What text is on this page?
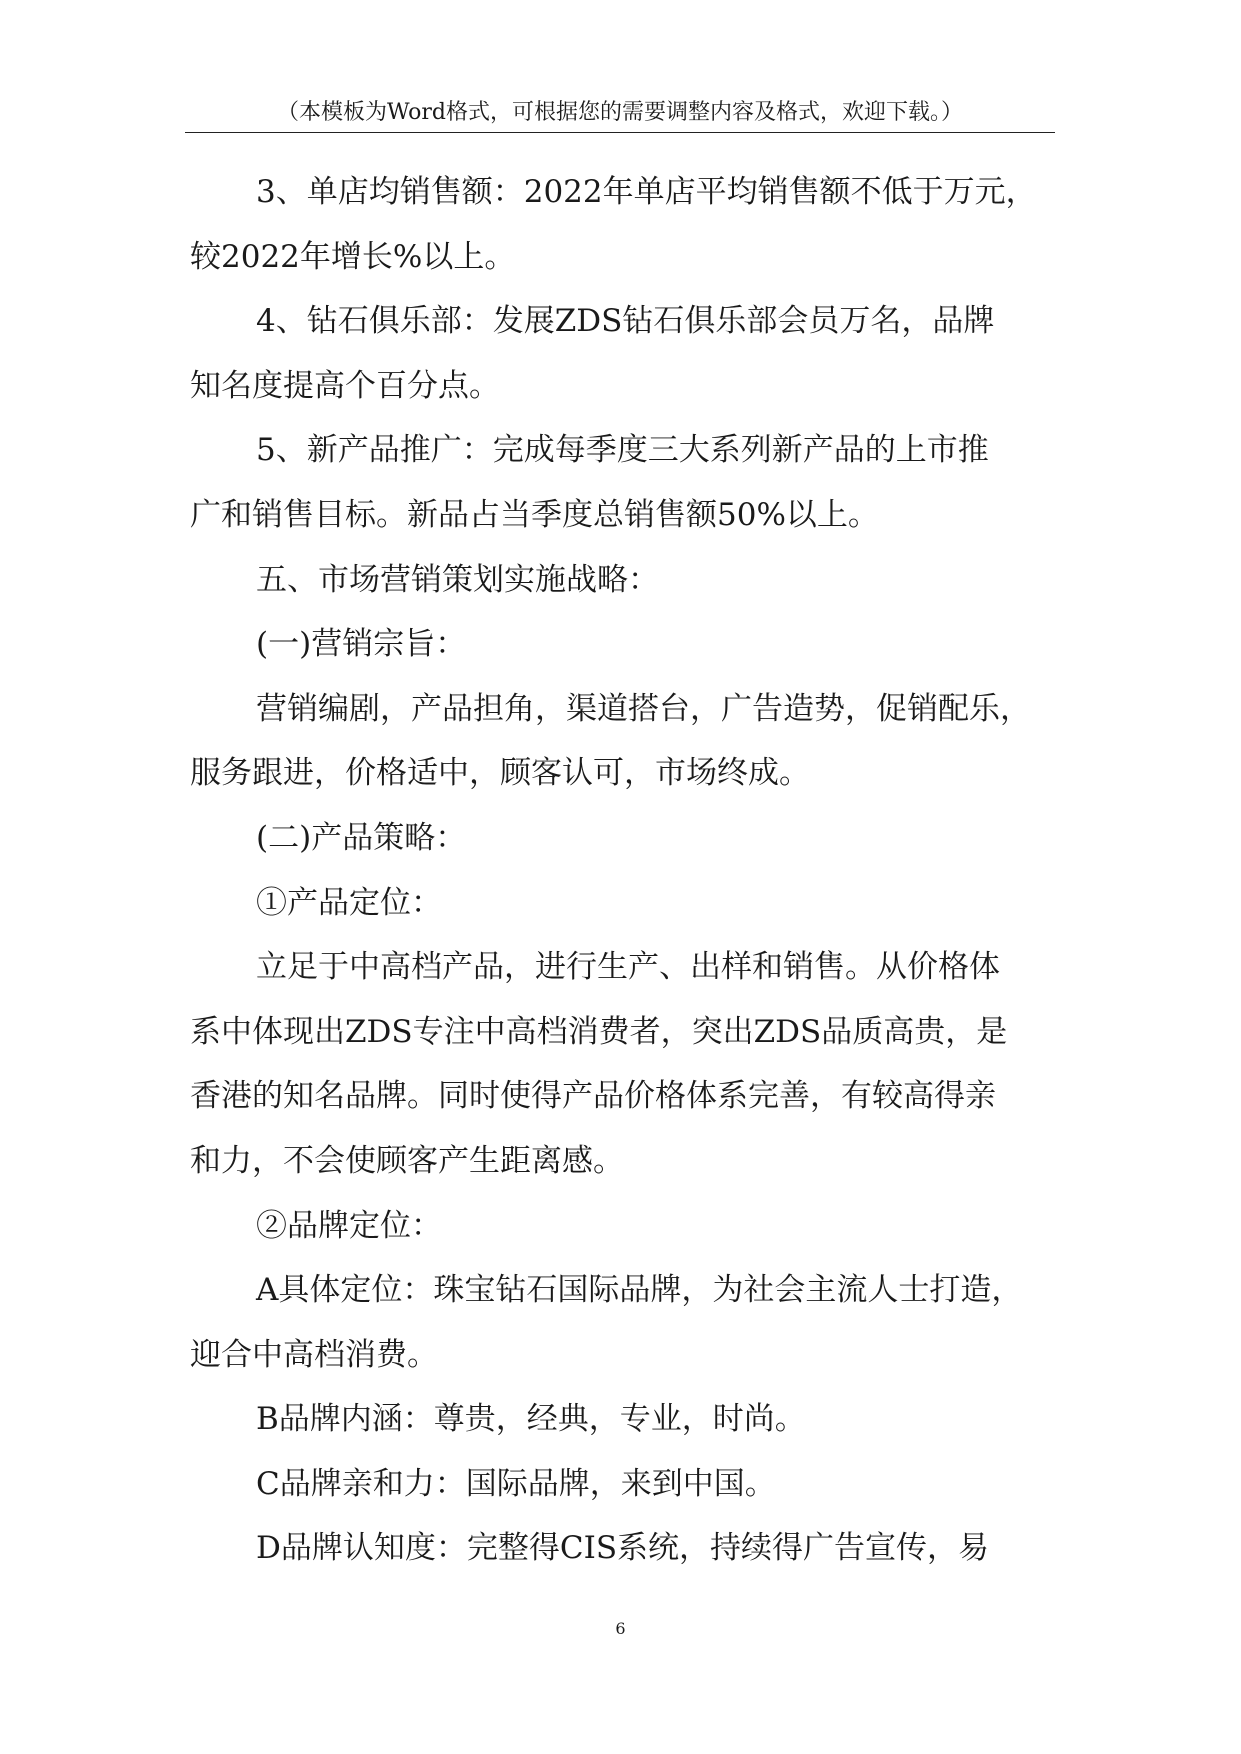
（本模板为Word格式，可根据您的需要调整内容及格式，欢迎下载。）

3、单店均销售额：2022年单店平均销售额不低于万元，

较2022年增长%以上。

4、钻石俱乐部：发展ZDS钻石俱乐部会员万名，品牌

知名度提高个百分点。

5、新产品推广：完成每季度三大系列新产品的上市推

广和销售目标。新品占当季度总销售额50%以上。

五、市场营销策划实施战略：

(一)营销宗旨：

营销编剧，产品担角，渠道搭台，广告造势，促销配乐，

服务跟进，价格适中，顾客认可，市场终成。

(二)产品策略：

①产品定位：

立足于中高档产品，进行生产、出样和销售。从价格体

系中体现出ZDS专注中高档消费者，突出ZDS品质高贵，是

香港的知名品牌。同时使得产品价格体系完善，有较高得亲

和力，不会使顾客产生距离感。

②品牌定位：

A具体定位：珠宝钻石国际品牌，为社会主流人士打造，

迎合中高档消费。

B品牌内涵：尊贵，经典，专业，时尚。

C品牌亲和力：国际品牌，来到中国。

D品牌认知度：完整得CIS系统，持续得广告宣传，易

6
